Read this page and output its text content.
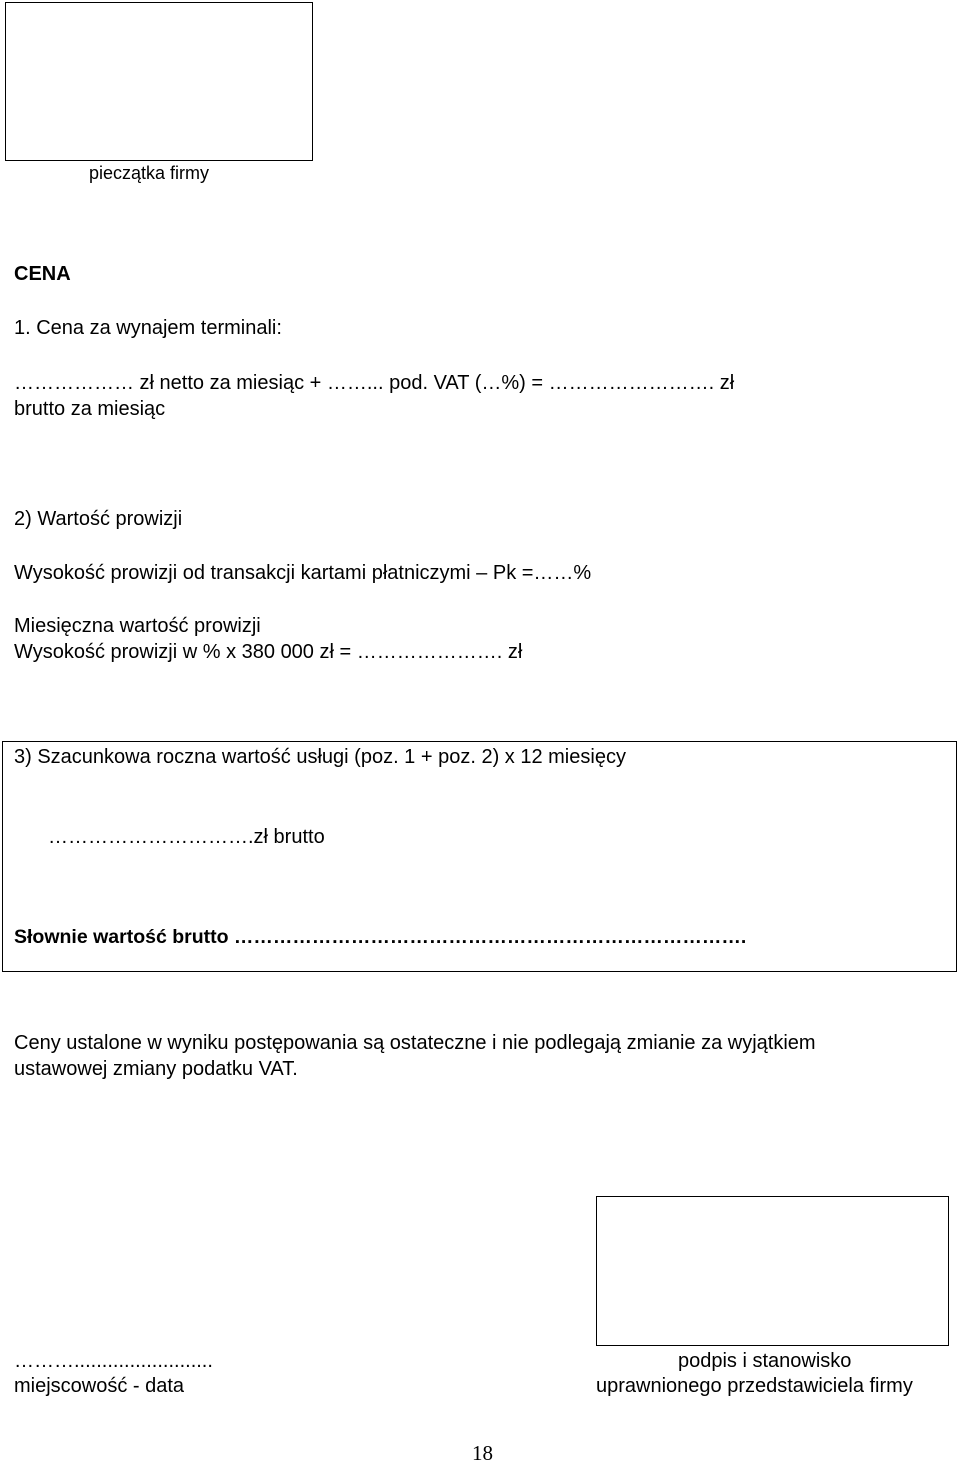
pieczątka firmy
CENA
1. Cena za wynajem terminali:
……………… zł netto za miesiąc + ……... pod. VAT (…%) = ……………………. zł
brutto za miesiąc
2) Wartość prowizji
Wysokość prowizji od transakcji kartami płatniczymi – Pk =……%
Miesięczna wartość prowizji
Wysokość prowizji w % x 380 000 zł = …………………. zł
3) Szacunkowa roczna wartość usługi (poz. 1 + poz. 2) x 12 miesięcy
………………………….zł brutto
Słownie wartość brutto …………………………………………………………………….
Ceny ustalone w wyniku postępowania są ostateczne i nie podlegają zmianie za wyjątkiem
ustawowej zmiany podatku VAT.
……….........................
miejscowość - data
podpis i stanowisko
uprawnionego przedstawiciela firmy
18
